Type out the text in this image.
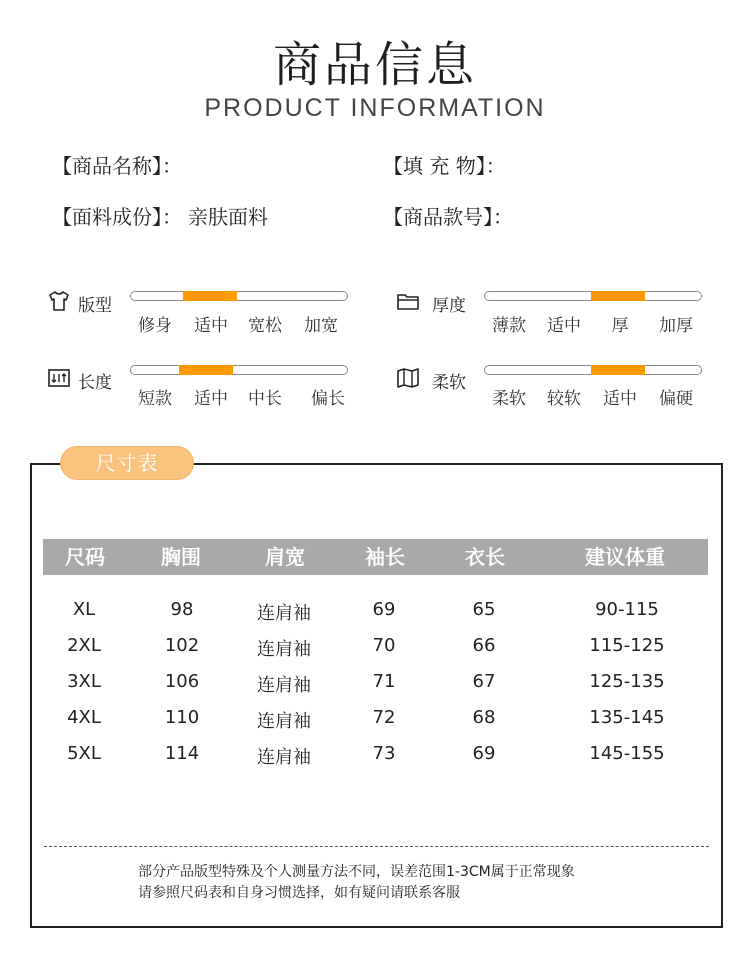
商品信息
PRODUCT INFORMATION
【商品名称】：	【填 充 物】：
【面料成份】： 亲肤面料	【商品款号】：
版型
修身	适中	宽松	加宽
厚度
薄款	适中	厚	加厚
长度
短款	适中	中长	偏长
柔软
柔软	较软	适中	偏硬
尺寸表
尺码	胸围	肩宽	袖长	衣长	建议体重
XL	98	连肩袖	69	65	90-115
2XL	102	连肩袖	70	66	115-125
3XL	106	连肩袖	71	67	125-135
4XL	110	连肩袖	72	68	135-145
5XL	114	连肩袖	73	69	145-155
部分产品版型特殊及个人测量方法不同，误差范围1-3CM属于正常现象
请参照尺码表和自身习惯选择，如有疑问请联系客服
